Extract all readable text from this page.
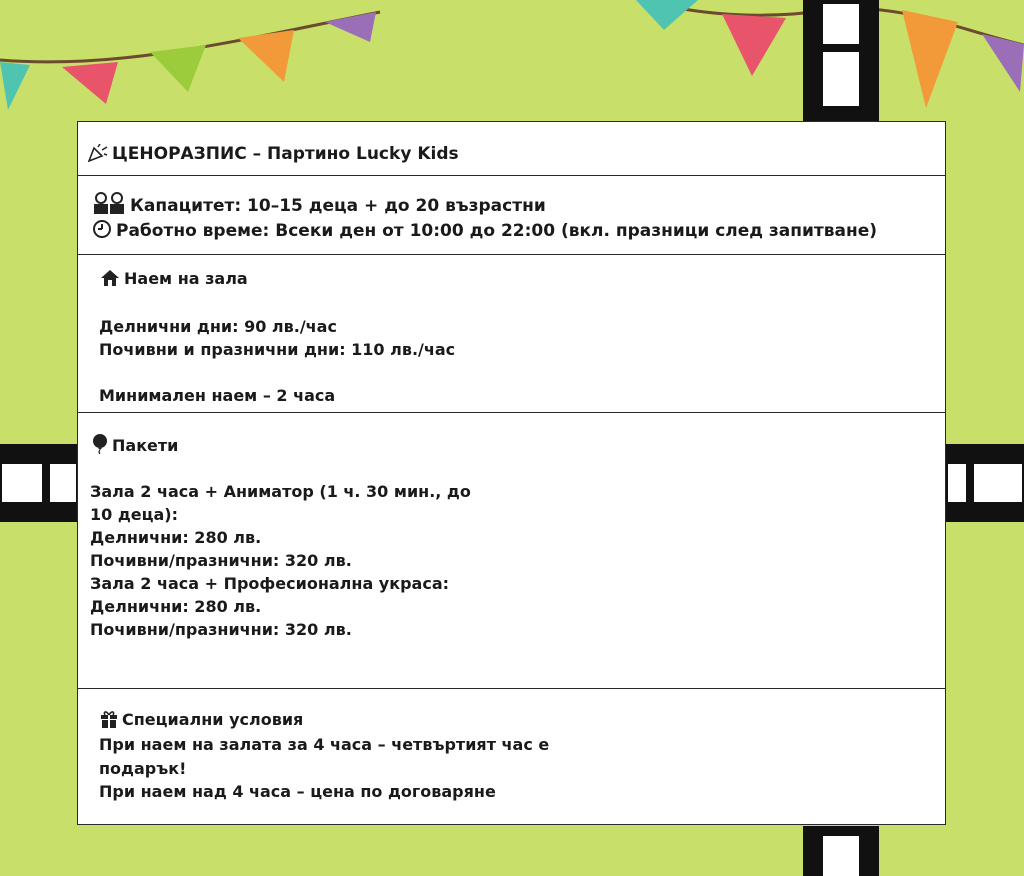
ЦЕНОРАЗПИС – Партино Lucky Kids
Капацитет: 10–15 деца + до 20 възрастни
Работно време: Всеки ден от 10:00 до 22:00 (вкл. празници след запитване)
Наем на зала
Делнични дни: 90 лв./час
Почивни и празнични дни: 110 лв./час
Минимален наем – 2 часа
Пакети
Зала 2 часа + Аниматор (1 ч. 30 мин., до
10 деца):
Делнични: 280 лв.
Почивни/празнични: 320 лв.
Зала 2 часа + Професионална украса:
Делнични: 280 лв.
Почивни/празнични: 320 лв.
Специални условия
При наем на залата за 4 часа – четвъртият час е
подарък!
При наем над 4 часа – цена по договаряне
